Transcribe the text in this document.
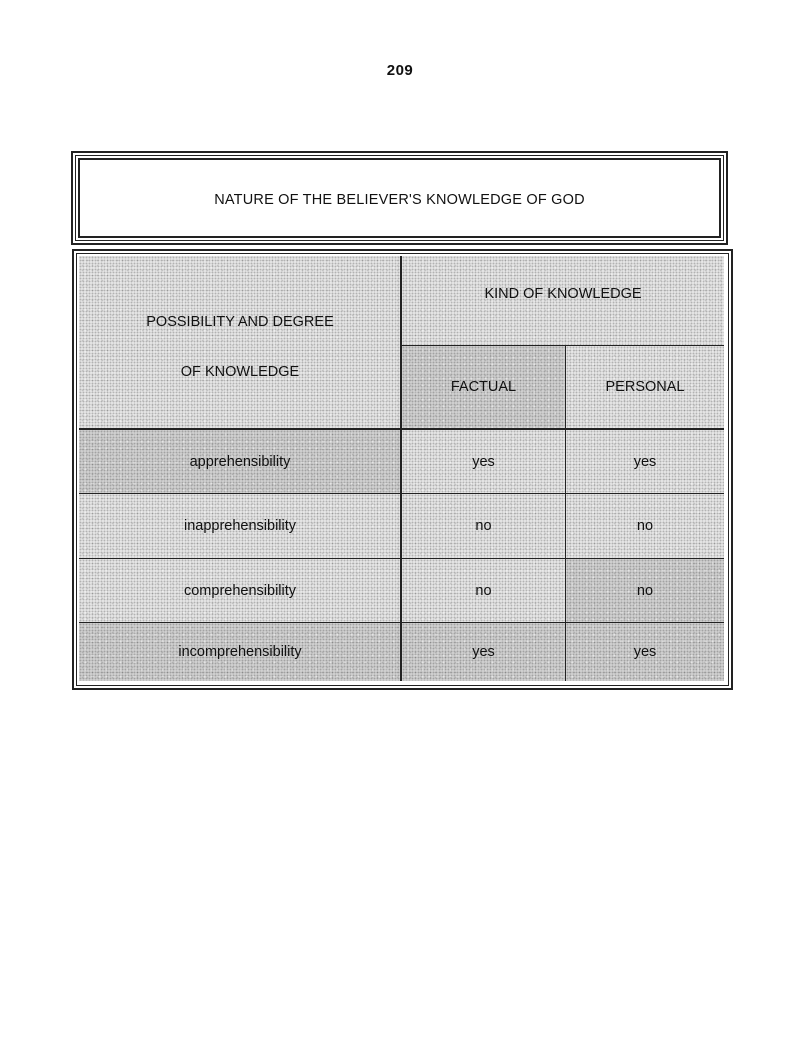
209
NATURE OF THE BELIEVER'S KNOWLEDGE OF GOD
POSSIBILITY AND DEGREE
OF KNOWLEDGE
KIND OF KNOWLEDGE
FACTUAL	PERSONAL
apprehensibility	yes	yes
inapprehensibility	no	no
comprehensibility	no	no
incomprehensibility	yes	yes
